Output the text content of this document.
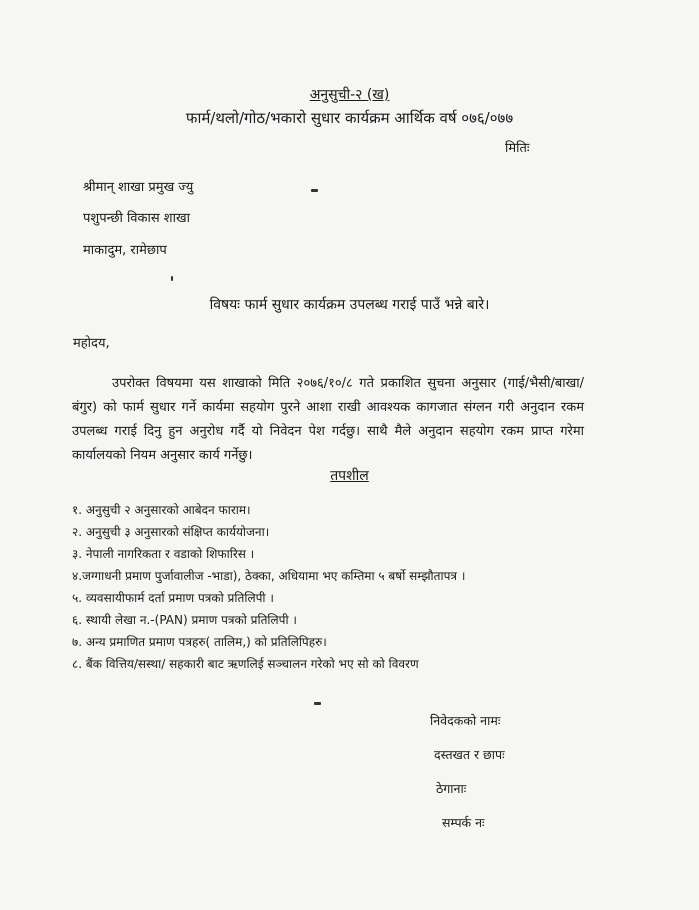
अनुसुची-२ (ख)
फार्म/थलो/गोठ/भकारो सुधार कार्यक्रम आर्थिक वर्ष ०७६/०७७
मितिः
श्रीमान् शाखा प्रमुख ज्यु
पशुपन्छी विकास शाखा
माकादुम, रामेछाप
विषयः फार्म सुधार कार्यक्रम उपलब्ध गराई पाउँ भन्ने बारे।
महोदय,

उपरोक्त विषयमा यस शाखाको मिति २०७६/१०/८ गते प्रकाशित सुचना अनुसार (गाई/भैसी/बाखा/बंगुर) को फार्म सुधार गर्ने कार्यमा सहयोग पुरने आशा राखी आवश्यक कागजात संग्लन गरी अनुदान रकम उपलब्ध गराई दिनु हुन अनुरोध गर्दै यो निवेदन पेश गर्दछु। साथै मैले अनुदान सहयोग रकम प्राप्त गरेमा कार्यालयको नियम अनुसार कार्य गर्नेछु।

तपशील
१. अनुसुची २ अनुसारको आबेदन फाराम।
२. अनुसुची ३ अनुसारको संक्षिप्त कार्ययोजना।
३. नेपाली नागरिकता र वडाको शिफारिस ।
४.जग्गाधनी प्रमाण पुर्जावालीज -भाडा), ठेक्का, अधियामा भए कम्तिमा ५ बर्षो सम्झौतापत्र ।
५. व्यवसायीफार्म दर्ता प्रमाण पत्रको प्रतिलिपी ।
६. स्थायी लेखा न.-(PAN) प्रमाण पत्रको प्रतिलिपी ।
७. अन्य प्रमाणित प्रमाण पत्रहरु( तालिम,) को प्रतिलिपिहरु।
८. बैंक वित्तिय/सस्था/ सहकारी बाट ऋणलिई सञ्चालन गरेको भए सो को विवरण
निवेदकको नामः
दस्तखत र छापः
ठेगानाः
सम्पर्क नः
